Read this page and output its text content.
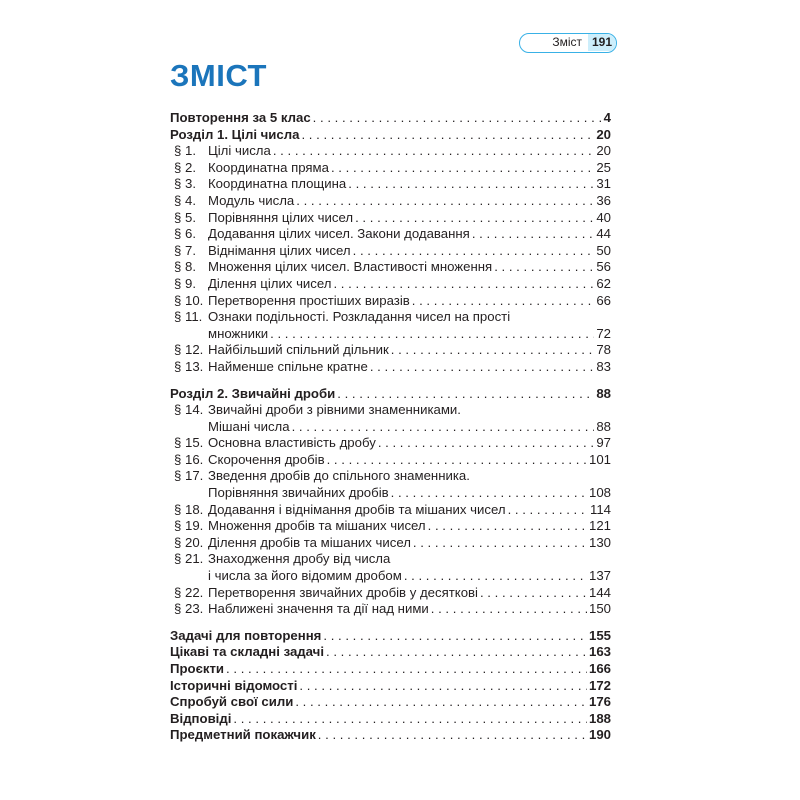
Зміст 191
ЗМІСТ
Повторення за 5 клас . . .	4
Розділ 1. Цілі числа . . .	20
§ 1. Цілі числа . . .	20
§ 2. Координатна пряма . . .	25
§ 3. Координатна площина . . .	31
§ 4. Модуль числа . . .	36
§ 5. Порівняння цілих чисел . . .	40
§ 6. Додавання цілих чисел. Закони додавання . . .	44
§ 7. Віднімання цілих чисел . . .	50
§ 8. Множення цілих чисел. Властивості множення . . .	56
§ 9. Ділення цілих чисел . . .	62
§ 10. Перетворення простіших виразів . . .	66
§ 11. Ознаки подільності. Розкладання чисел на прості
множники . . .	72
§ 12. Найбільший спільний дільник . . .	78
§ 13. Найменше спільне кратне . . .	83
Розділ 2. Звичайні дроби . . .	88
§ 14. Звичайні дроби з рівними знаменниками.
Мішані числа . . .	88
§ 15. Основна властивість дробу . . .	97
§ 16. Скорочення дробів . . .	101
§ 17. Зведення дробів до спільного знаменника.
Порівняння звичайних дробів . . .	108
§ 18. Додавання і віднімання дробів та мішаних чисел . . .	114
§ 19. Множення дробів та мішаних чисел . . .	121
§ 20. Ділення дробів та мішаних чисел . . .	130
§ 21. Знаходження дробу від числа
і числа за його відомим дробом . . .	137
§ 22. Перетворення звичайних дробів у десяткові . . .	144
§ 23. Наближені значення та дії над ними . . .	150
Задачі для повторення . . .	155
Цікаві та складні задачі . . .	163
Проєкти . . .	166
Історичні відомості . . .	172
Спробуй свої сили . . .	176
Відповіді . . .	188
Предметний покажчик . . .	190
